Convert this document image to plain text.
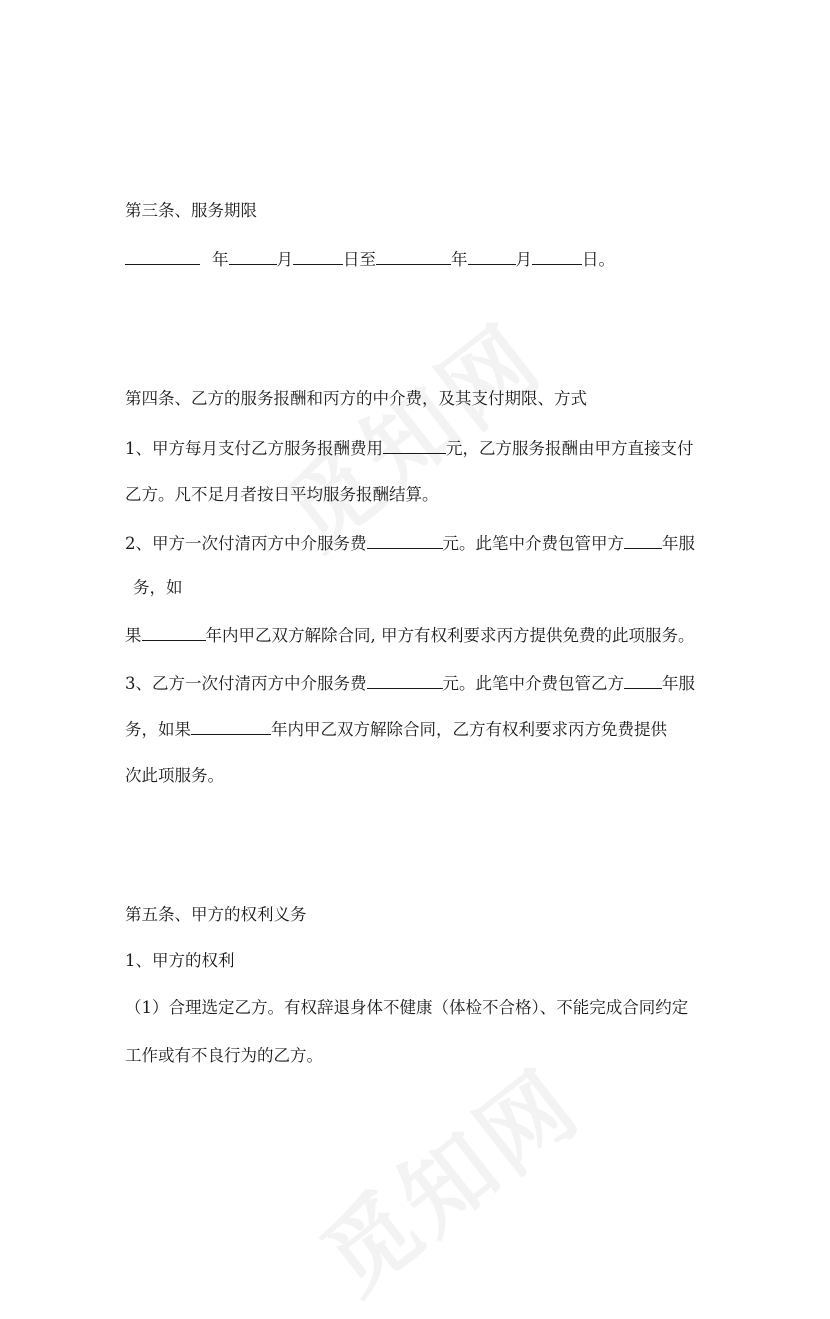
第三条、服务期限
年	月	日至	年	月	日。
第四条、乙方的服务报酬和丙方的中介费，及其支付期限、方式
1、甲方每月支付乙方服务报酬费用	元，乙方服务报酬由甲方直接支付
乙方。凡不足月者按日平均服务报酬结算。
2、甲方一次付清丙方中介服务费	元。此笔中介费包管甲方 年服
务，如
果	年内甲乙双方解除合同, 甲方有权利要求丙方提供免费的此项服务。
3、乙方一次付清丙方中介服务费	元。此笔中介费包管乙方 年服
务，如果	年内甲乙双方解除合同，乙方有权利要求丙方免费提供
次此项服务。
第五条、甲方的权利义务
1、甲方的权利
（1）合理选定乙方。有权辞退身体不健康（体检不合格）、不能完成合同约定
工作或有不良行为的乙方。
